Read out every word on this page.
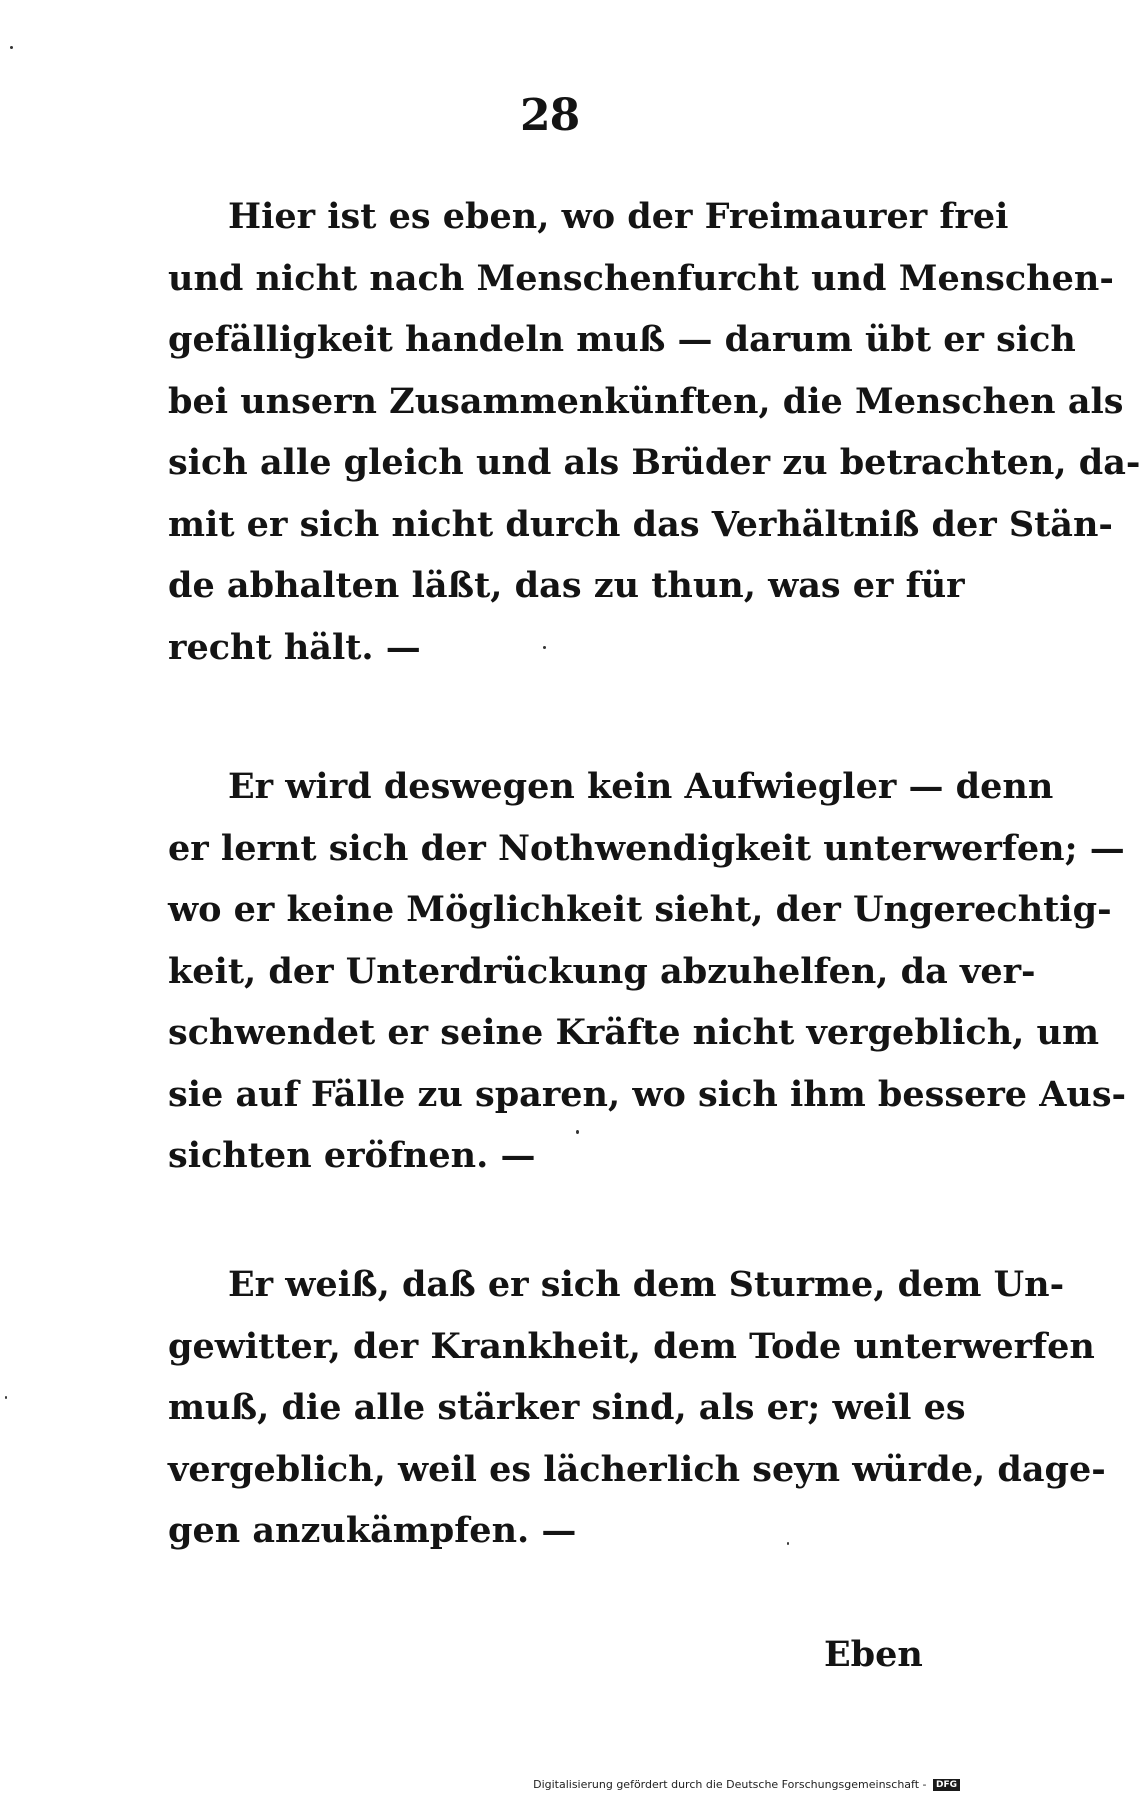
28
Hier ist es eben, wo der Freimaurer frei
und nicht nach Menschenfurcht und Menschen-
gefälligkeit handeln muß — darum übt er sich
bei unsern Zusammenkünften, die Menschen als
sich alle gleich und als Brüder zu betrachten, da-
mit er sich nicht durch das Verhältniß der Stän-
de abhalten läßt, das zu thun, was er für
recht hält. —
Er wird deswegen kein Aufwiegler — denn
er lernt sich der Nothwendigkeit unterwerfen; —
wo er keine Möglichkeit sieht, der Ungerechtig-
keit, der Unterdrückung abzuhelfen, da ver-
schwendet er seine Kräfte nicht vergeblich, um
sie auf Fälle zu sparen, wo sich ihm bessere Aus-
sichten eröfnen. —
Er weiß, daß er sich dem Sturme, dem Un-
gewitter, der Krankheit, dem Tode unterwerfen
muß, die alle stärker sind, als er; weil es
vergeblich, weil es lächerlich seyn würde, dage-
gen anzukämpfen. —
Eben
Digitalisierung gefördert durch die Deutsche Forschungsgemeinschaft - DFG
